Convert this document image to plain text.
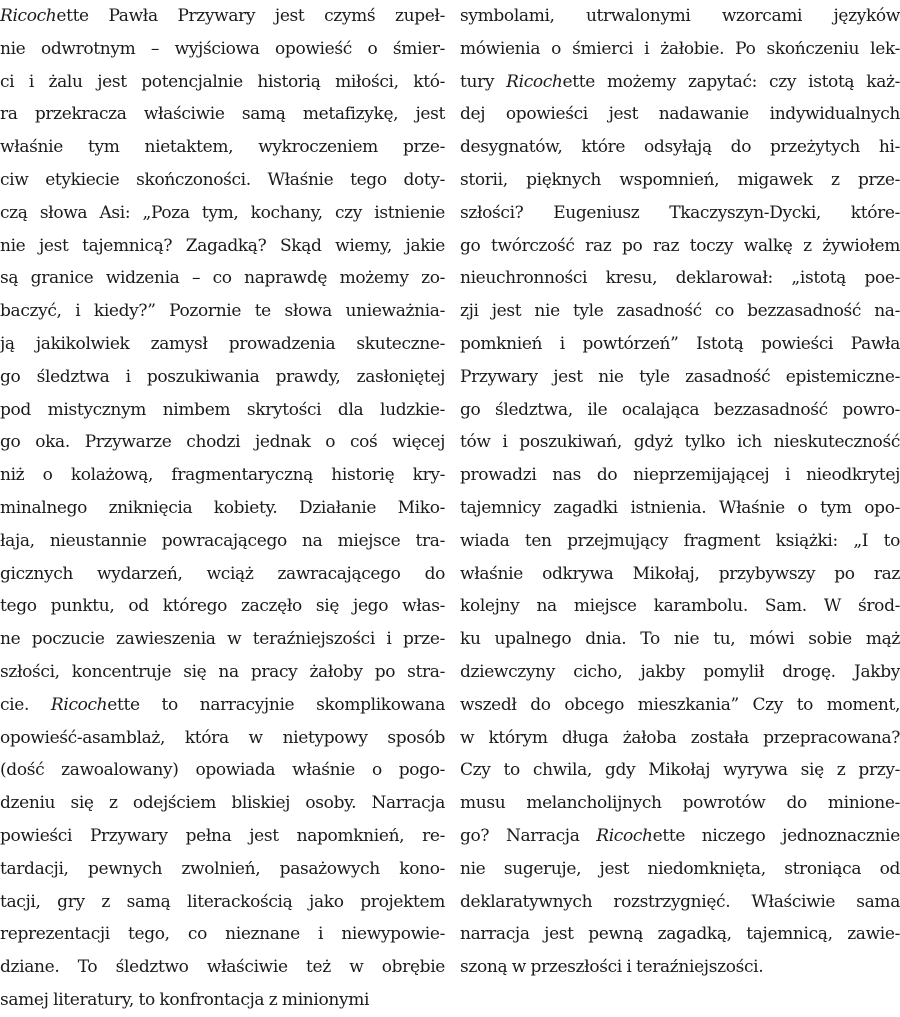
Ricochette Pawła Przywary jest czymś zupeł-
nie odwrotnym – wyjściowa opowieść o śmier-
ci i żalu jest potencjalnie historią miłości, któ-
ra przekracza właściwie samą metafizykę, jest
właśnie tym nietaktem, wykroczeniem prze-
ciw etykiecie skończoności. Właśnie tego doty-
czą słowa Asi: „Poza tym, kochany, czy istnienie
nie jest tajemnicą? Zagadką? Skąd wiemy, jakie
są granice widzenia – co naprawdę możemy zo-
baczyć, i kiedy?” Pozornie te słowa unieważnia-
ją jakikolwiek zamysł prowadzenia skuteczne-
go śledztwa i poszukiwania prawdy, zasłoniętej
pod mistycznym nimbem skrytości dla ludzkie-
go oka. Przywarze chodzi jednak o coś więcej
niż o kolażową, fragmentaryczną historię kry-
minalnego zniknięcia kobiety. Działanie Miko-
łaja, nieustannie powracającego na miejsce tra-
gicznych wydarzeń, wciąż zawracającego do
tego punktu, od którego zaczęło się jego włas-
ne poczucie zawieszenia w teraźniejszości i prze-
szłości, koncentruje się na pracy żałoby po stra-
cie. Ricochette to narracyjnie skomplikowana
opowieść-asamblaż, która w nietypowy sposób
(dość zawoalowany) opowiada właśnie o pogo-
dzeniu się z odejściem bliskiej osoby. Narracja
powieści Przywary pełna jest napomknień, re-
tardacji, pewnych zwolnień, pasażowych kono-
tacji, gry z samą literackością jako projektem
reprezentacji tego, co nieznane i niewypowie-
dziane. To śledztwo właściwie też w obrębie
samej literatury, to konfrontacja z minionymi
symbolami, utrwalonymi wzorcami języków
mówienia o śmierci i żałobie. Po skończeniu lek-
tury Ricochette możemy zapytać: czy istotą każ-
dej opowieści jest nadawanie indywidualnych
desygnatów, które odsyłają do przeżytych hi-
storii, pięknych wspomnień, migawek z prze-
szłości? Eugeniusz Tkaczyszyn-Dycki, które-
go twórczość raz po raz toczy walkę z żywiołem
nieuchronności kresu, deklarował: „istotą poe-
zji jest nie tyle zasadność co bezzasadność na-
pomknień i powtórzeń” Istotą powieści Pawła
Przywary jest nie tyle zasadność epistemiczne-
go śledztwa, ile ocalająca bezzasadność powro-
tów i poszukiwań, gdyż tylko ich nieskuteczność
prowadzi nas do nieprzemijającej i nieodkrytej
tajemnicy zagadki istnienia. Właśnie o tym opo-
wiada ten przejmujący fragment książki: „I to
właśnie odkrywa Mikołaj, przybywszy po raz
kolejny na miejsce karambolu. Sam. W środ-
ku upalnego dnia. To nie tu, mówi sobie mąż
dziewczyny cicho, jakby pomylił drogę. Jakby
wszedł do obcego mieszkania” Czy to moment,
w którym długa żałoba została przepracowana?
Czy to chwila, gdy Mikołaj wyrywa się z przy-
musu melancholijnych powrotów do minione-
go? Narracja Ricochette niczego jednoznacznie
nie sugeruje, jest niedomknięta, stroniąca od
deklaratywnych rozstrzygnięć. Właściwie sama
narracja jest pewną zagadką, tajemnicą, zawie-
szoną w przeszłości i teraźniejszości.
